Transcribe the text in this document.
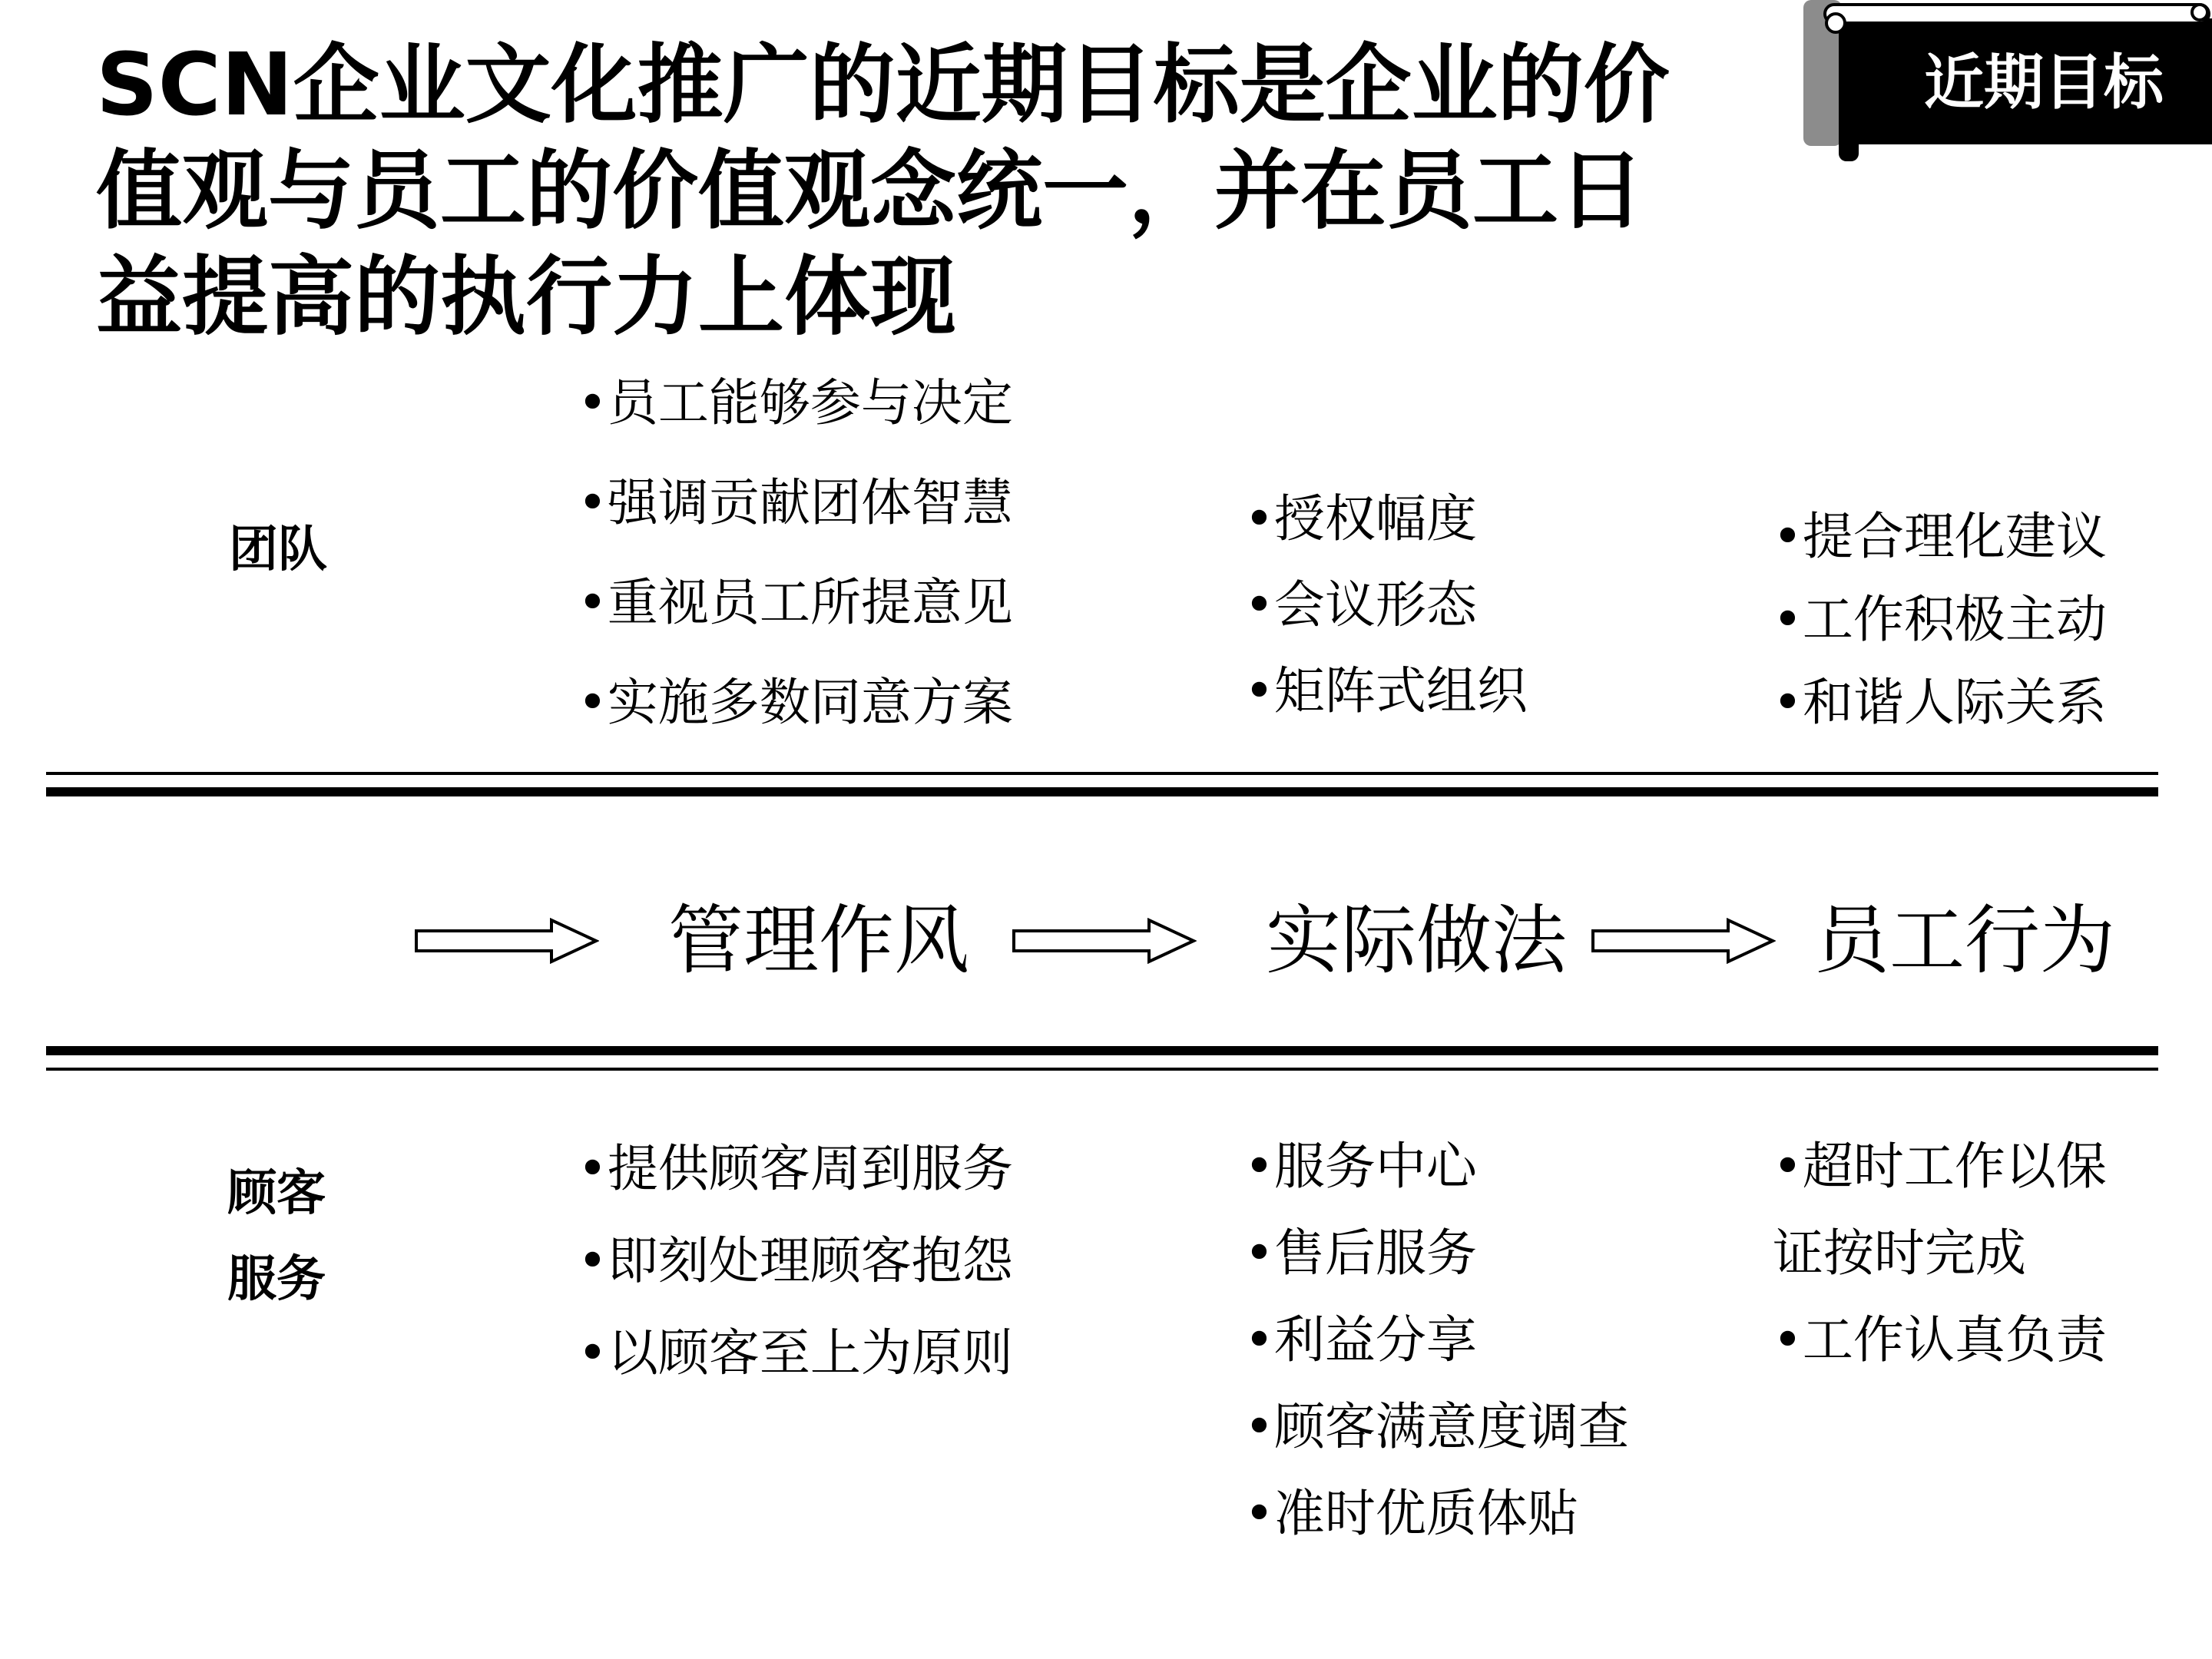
SCN企业文化推广的近期目标是企业的价值观与员工的价值观念统一，并在员工日益提高的执行力上体现
近期目标
团队
•员工能够参与决定
•强调贡献团体智慧
•重视员工所提意见
•实施多数同意方案
•授权幅度
•会议形态
•矩阵式组织
•提合理化建议
•工作积极主动
•和谐人际关系
管理作风	实际做法	员工行为
顾客
服务
•提供顾客周到服务
•即刻处理顾客抱怨
•以顾客至上为原则
•服务中心
•售后服务
•利益分享
•顾客满意度调查
•准时优质体贴
•超时工作以保
证按时完成
•工作认真负责
